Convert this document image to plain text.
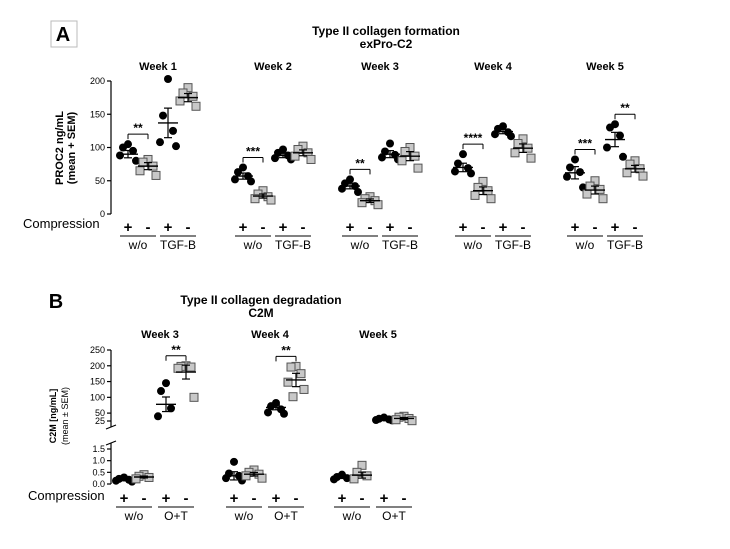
A	Type II collagen formation
exPro-C2
0
50
100
150
200
PROC2 ng/mL (mean + SEM)
Compression
Week 1
+ - + -
w/o TGF-B
**
Week 2
+ - + -
w/o TGF-B
***
Week 3
+ - + -
w/o TGF-B
**
Week 4
+ - + -
w/o TGF-B
****
Week 5
+ - + -
w/o TGF-B
**
***
B	Type II collagen degradation
C2M
50
100
150
200
250
25
0.0
0.5
1.0
1.5
C2M [ng/mL] (mean ± SEM)
Compression
Week 3
+ - + -
w/o O+T
**
Week 4
+ - + -
w/o O+T
**
Week 5
+ - + -
w/o O+T
